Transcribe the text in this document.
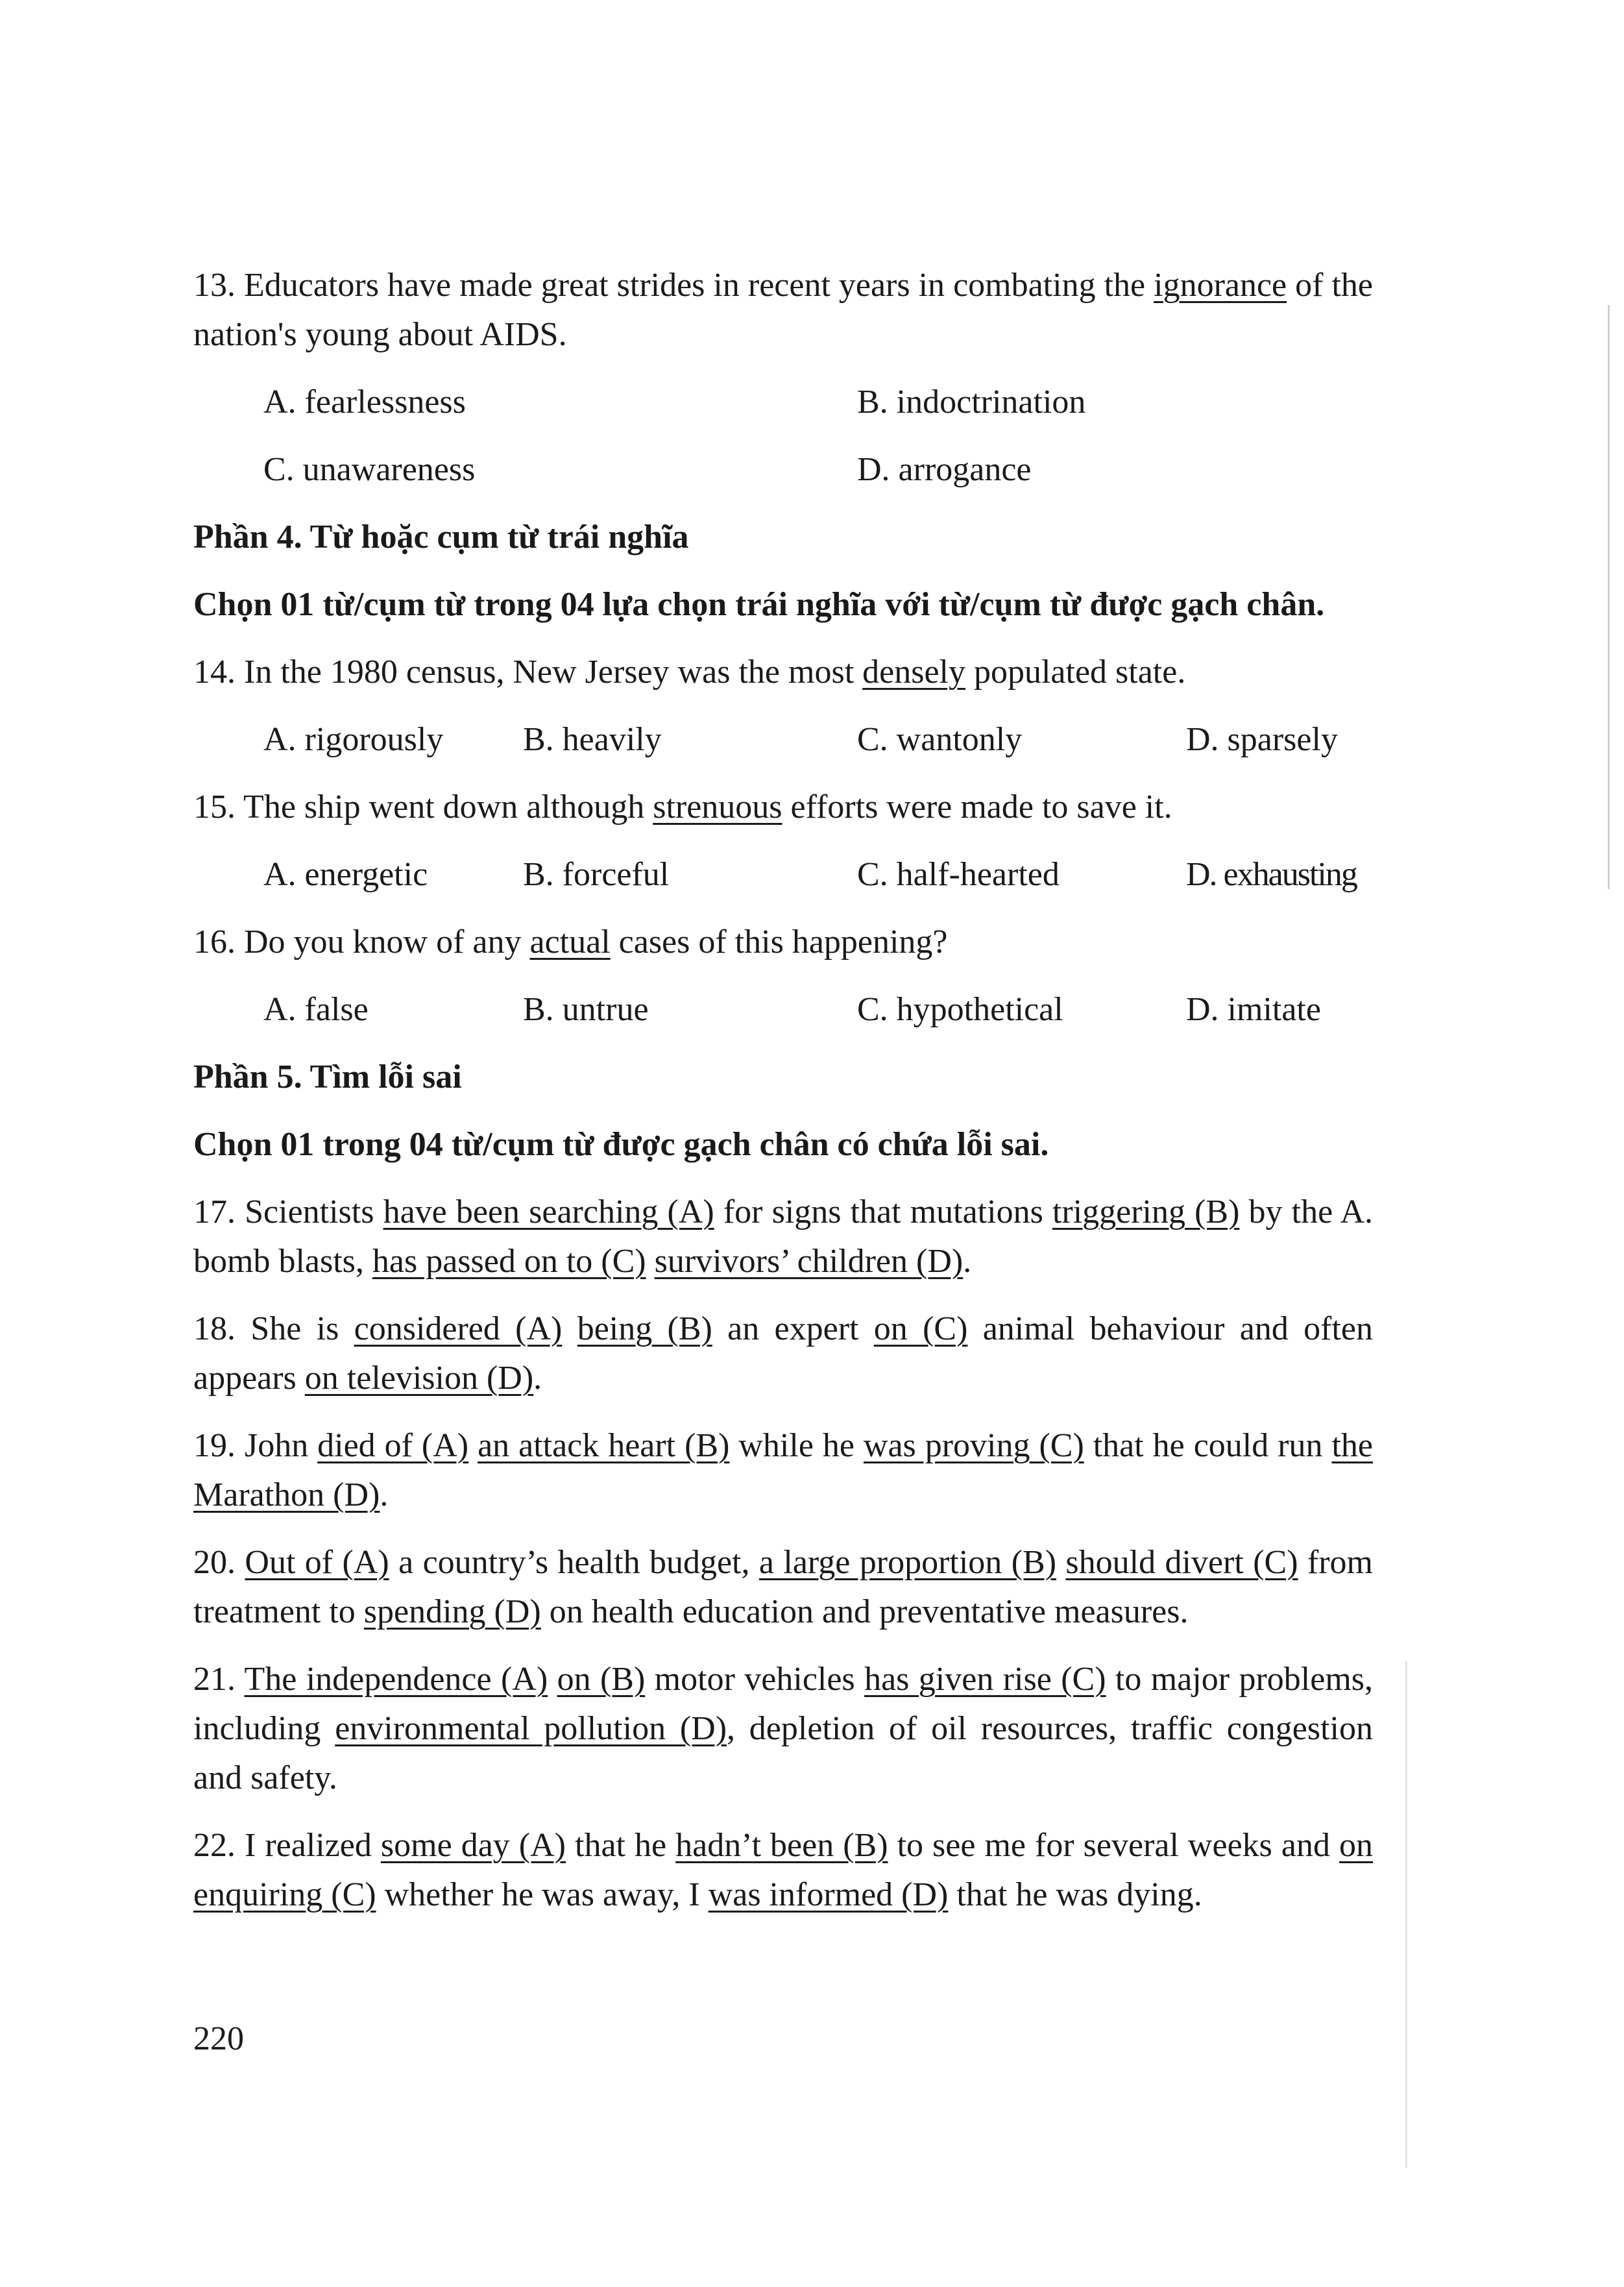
13. Educators have made great strides in recent years in combating the ignorance of the nation's young about AIDS.
A. fearlessness	B. indoctrination
C. unawareness	D. arrogance
Phần 4. Từ hoặc cụm từ trái nghĩa
Chọn 01 từ/cụm từ trong 04 lựa chọn trái nghĩa với từ/cụm từ được gạch chân.
14. In the 1980 census, New Jersey was the most densely populated state.
A. rigorously	B. heavily	C. wantonly	D. sparsely
15. The ship went down although strenuous efforts were made to save it.
A. energetic	B. forceful	C. half-hearted	D. exhausting
16. Do you know of any actual cases of this happening?
A. false	B. untrue	C. hypothetical	D. imitate
Phần 5. Tìm lỗi sai
Chọn 01 trong 04 từ/cụm từ được gạch chân có chứa lỗi sai.
17. Scientists have been searching (A) for signs that mutations triggering (B) by the A. bomb blasts, has passed on to (C) survivors’ children (D).
18. She is considered (A) being (B) an expert on (C) animal behaviour and often appears on television (D).
19. John died of (A) an attack heart (B) while he was proving (C) that he could run the Marathon (D).
20. Out of (A) a country’s health budget, a large proportion (B) should divert (C) from treatment to spending (D) on health education and preventative measures.
21. The independence (A) on (B) motor vehicles has given rise (C) to major problems, including environmental pollution (D), depletion of oil resources, traffic congestion and safety.
22. I realized some day (A) that he hadn’t been (B) to see me for several weeks and on enquiring (C) whether he was away, I was informed (D) that he was dying.
220
